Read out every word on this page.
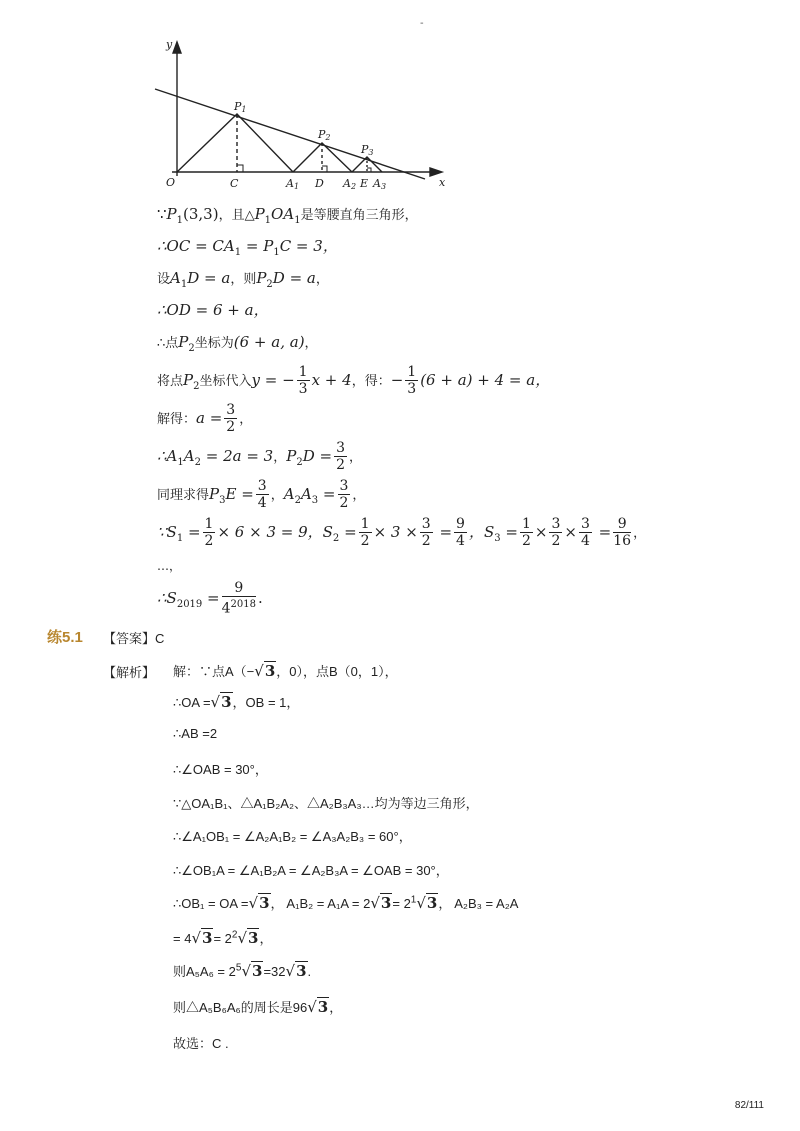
-
y
x
O	C	A1 D A2 E A3
P1
P2
P3
$\because P_1(3,3)$，且$\triangle P_1OA_1$是等腰直角三角形，
∴OC = $CA_1 = P_1C = 3$，
设$A_1D = a$，则$P_2D = a$，
∴OD = 6 + a，
∴点$P_2$坐标为(6 + a, a)，
将点$P_2$坐标代入y = − $\frac{1}{3}$ x + 4，得：− $\frac{1}{3} (6 + a) + 4 = a$，
解得：$a = \frac{3}{2}$ ，
$\therefore A_1A_2 = 2a = 3$，$P_2D = \frac{3}{2}$ ，
同理求得$P_3E = \frac{3}{4}$ ，$A_2A_3 = \frac{3}{2}$ ，
$\because S_1 = \frac{1}{2} \times 6 \times 3 = 9$，$S_2 = \frac{1}{2} \times 3 \times \frac{3}{2} = \frac{9}{4}$ ，$S_3 = \frac{1}{2} \times \frac{3}{2} \times \frac{3}{4} = \frac{9}{16}$ ，
…，
$\therefore S_{2019} = \frac{9}{4^{2018}}$ .
练5.1 【答案】C
【解析】 解：∵点A（−√3，0），点B（0，1），
∴OA =√3，OB = 1，
∴AB =2
∴∠OAB = 30°，
∵△OA₁B₁、△A₁B₂A₂、△A₂B₃A₃…均为等边三角形，
∴∠A₁OB₁ = ∠A₂A₁B₂ = ∠A₃A₂B₃ = 60°，
∴∠OB₁A = ∠A₁B₂A = ∠A₂B₃A = ∠OAB = 30°，
∴OB₁ = OA =√3， $A_1B_2 = A_1A = 2√3= 2^1√3$， A₂B₃ = A₂A
= $4√3= 2^2√3$，
则$A_5A_6 = 2^5√3=32√3$.
则△A₅B₆A₆的周长是96√3，
故选：C .
82/111
